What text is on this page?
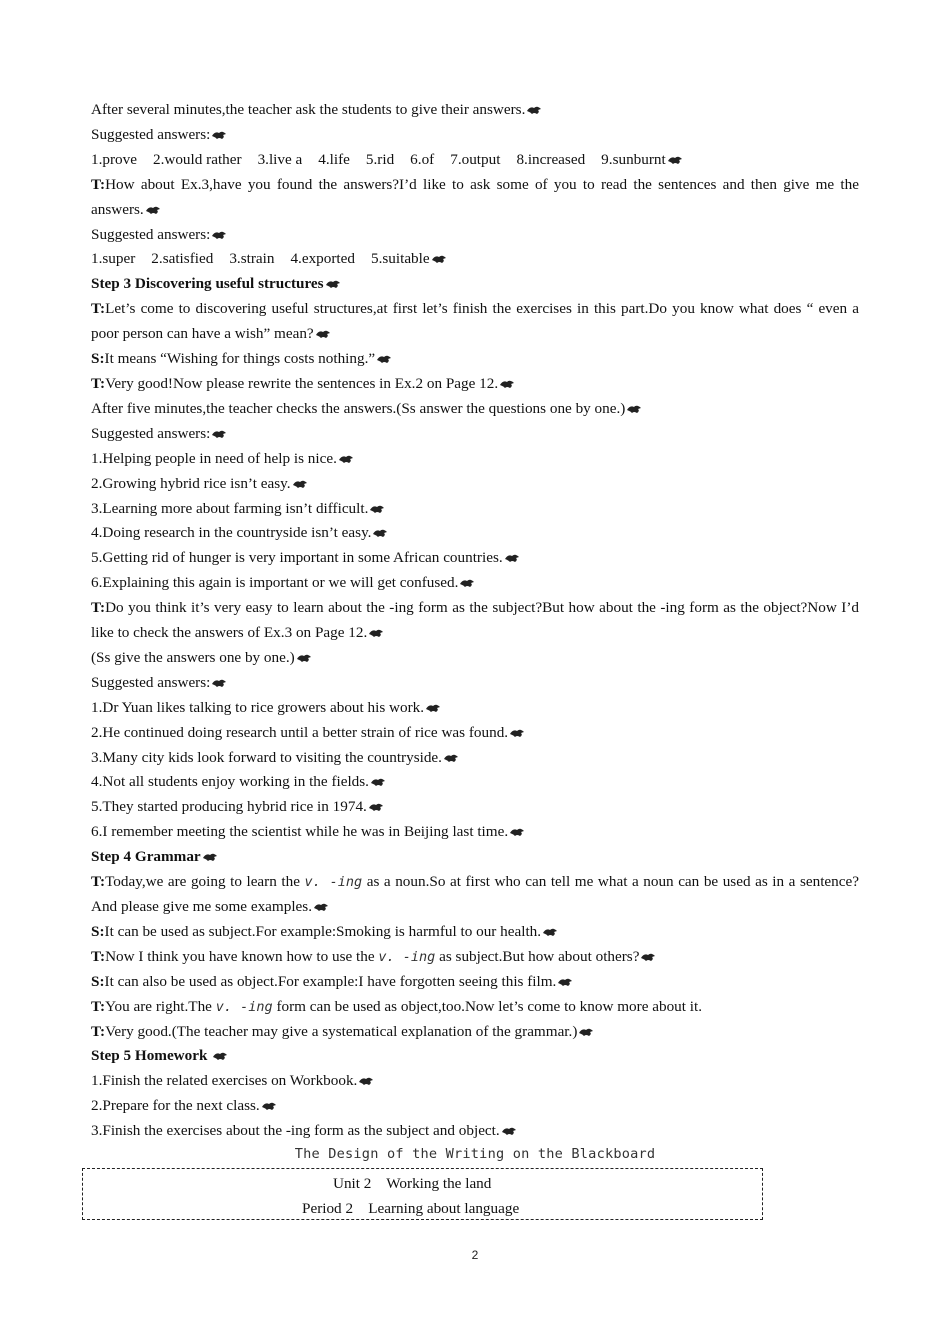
After several minutes,the teacher ask the students to give their answers.

Suggested answers:

1.prove 2.would rather 3.live a 4.life 5.rid 6.of 7.output 8.increased 9.sunburnt

T:How about Ex.3,have you found the answers?I’d like to ask some of you to read the sentences and then give me the answers.

Suggested answers:

1.super 2.satisfied 3.strain 4.exported 5.suitable

Step 3 Discovering useful structures

T:Let’s come to discovering useful structures,at first let’s finish the exercises in this part.Do you know what does “ even a poor person can have a wish” mean?

S:It means “Wishing for things costs nothing.”

T:Very good!Now please rewrite the sentences in Ex.2 on Page 12.

After five minutes,the teacher checks the answers.(Ss answer the questions one by one.)

Suggested answers:

1.Helping people in need of help is nice.

2.Growing hybrid rice isn’t easy.

3.Learning more about farming isn’t difficult.

4.Doing research in the countryside isn’t easy.

5.Getting rid of hunger is very important in some African countries.

6.Explaining this again is important or we will get confused.

T:Do you think it’s very easy to learn about the -ing form as the subject?But how about the -ing form as the object?Now I’d like to check the answers of Ex.3 on Page 12.

(Ss give the answers one by one.)

Suggested answers:

1.Dr Yuan likes talking to rice growers about his work.

2.He continued doing research until a better strain of rice was found.

3.Many city kids look forward to visiting the countryside.

4.Not all students enjoy working in the fields.

5.They started producing hybrid rice in 1974.

6.I remember meeting the scientist while he was in Beijing last time.

Step 4 Grammar

T:Today,we are going to learn the v. -ing as a noun.So at first who can tell me what a noun can be used as in a sentence?And please give me some examples.

S:It can be used as subject.For example:Smoking is harmful to our health.

T:Now I think you have known how to use the v. -ing as subject.But how about others?

S:It can also be used as object.For example:I have forgotten seeing this film.

T:You are right.The v. -ing form can be used as object,too.Now let’s come to know more about it.

T:Very good.(The teacher may give a systematical explanation of the grammar.)

Step 5 Homework

1.Finish the related exercises on Workbook.

2.Prepare for the next class.

3.Finish the exercises about the -ing form as the subject and object.

The Design of the Writing on the Blackboard
Unit 2    Working the land
Period 2    Learning about language
2
